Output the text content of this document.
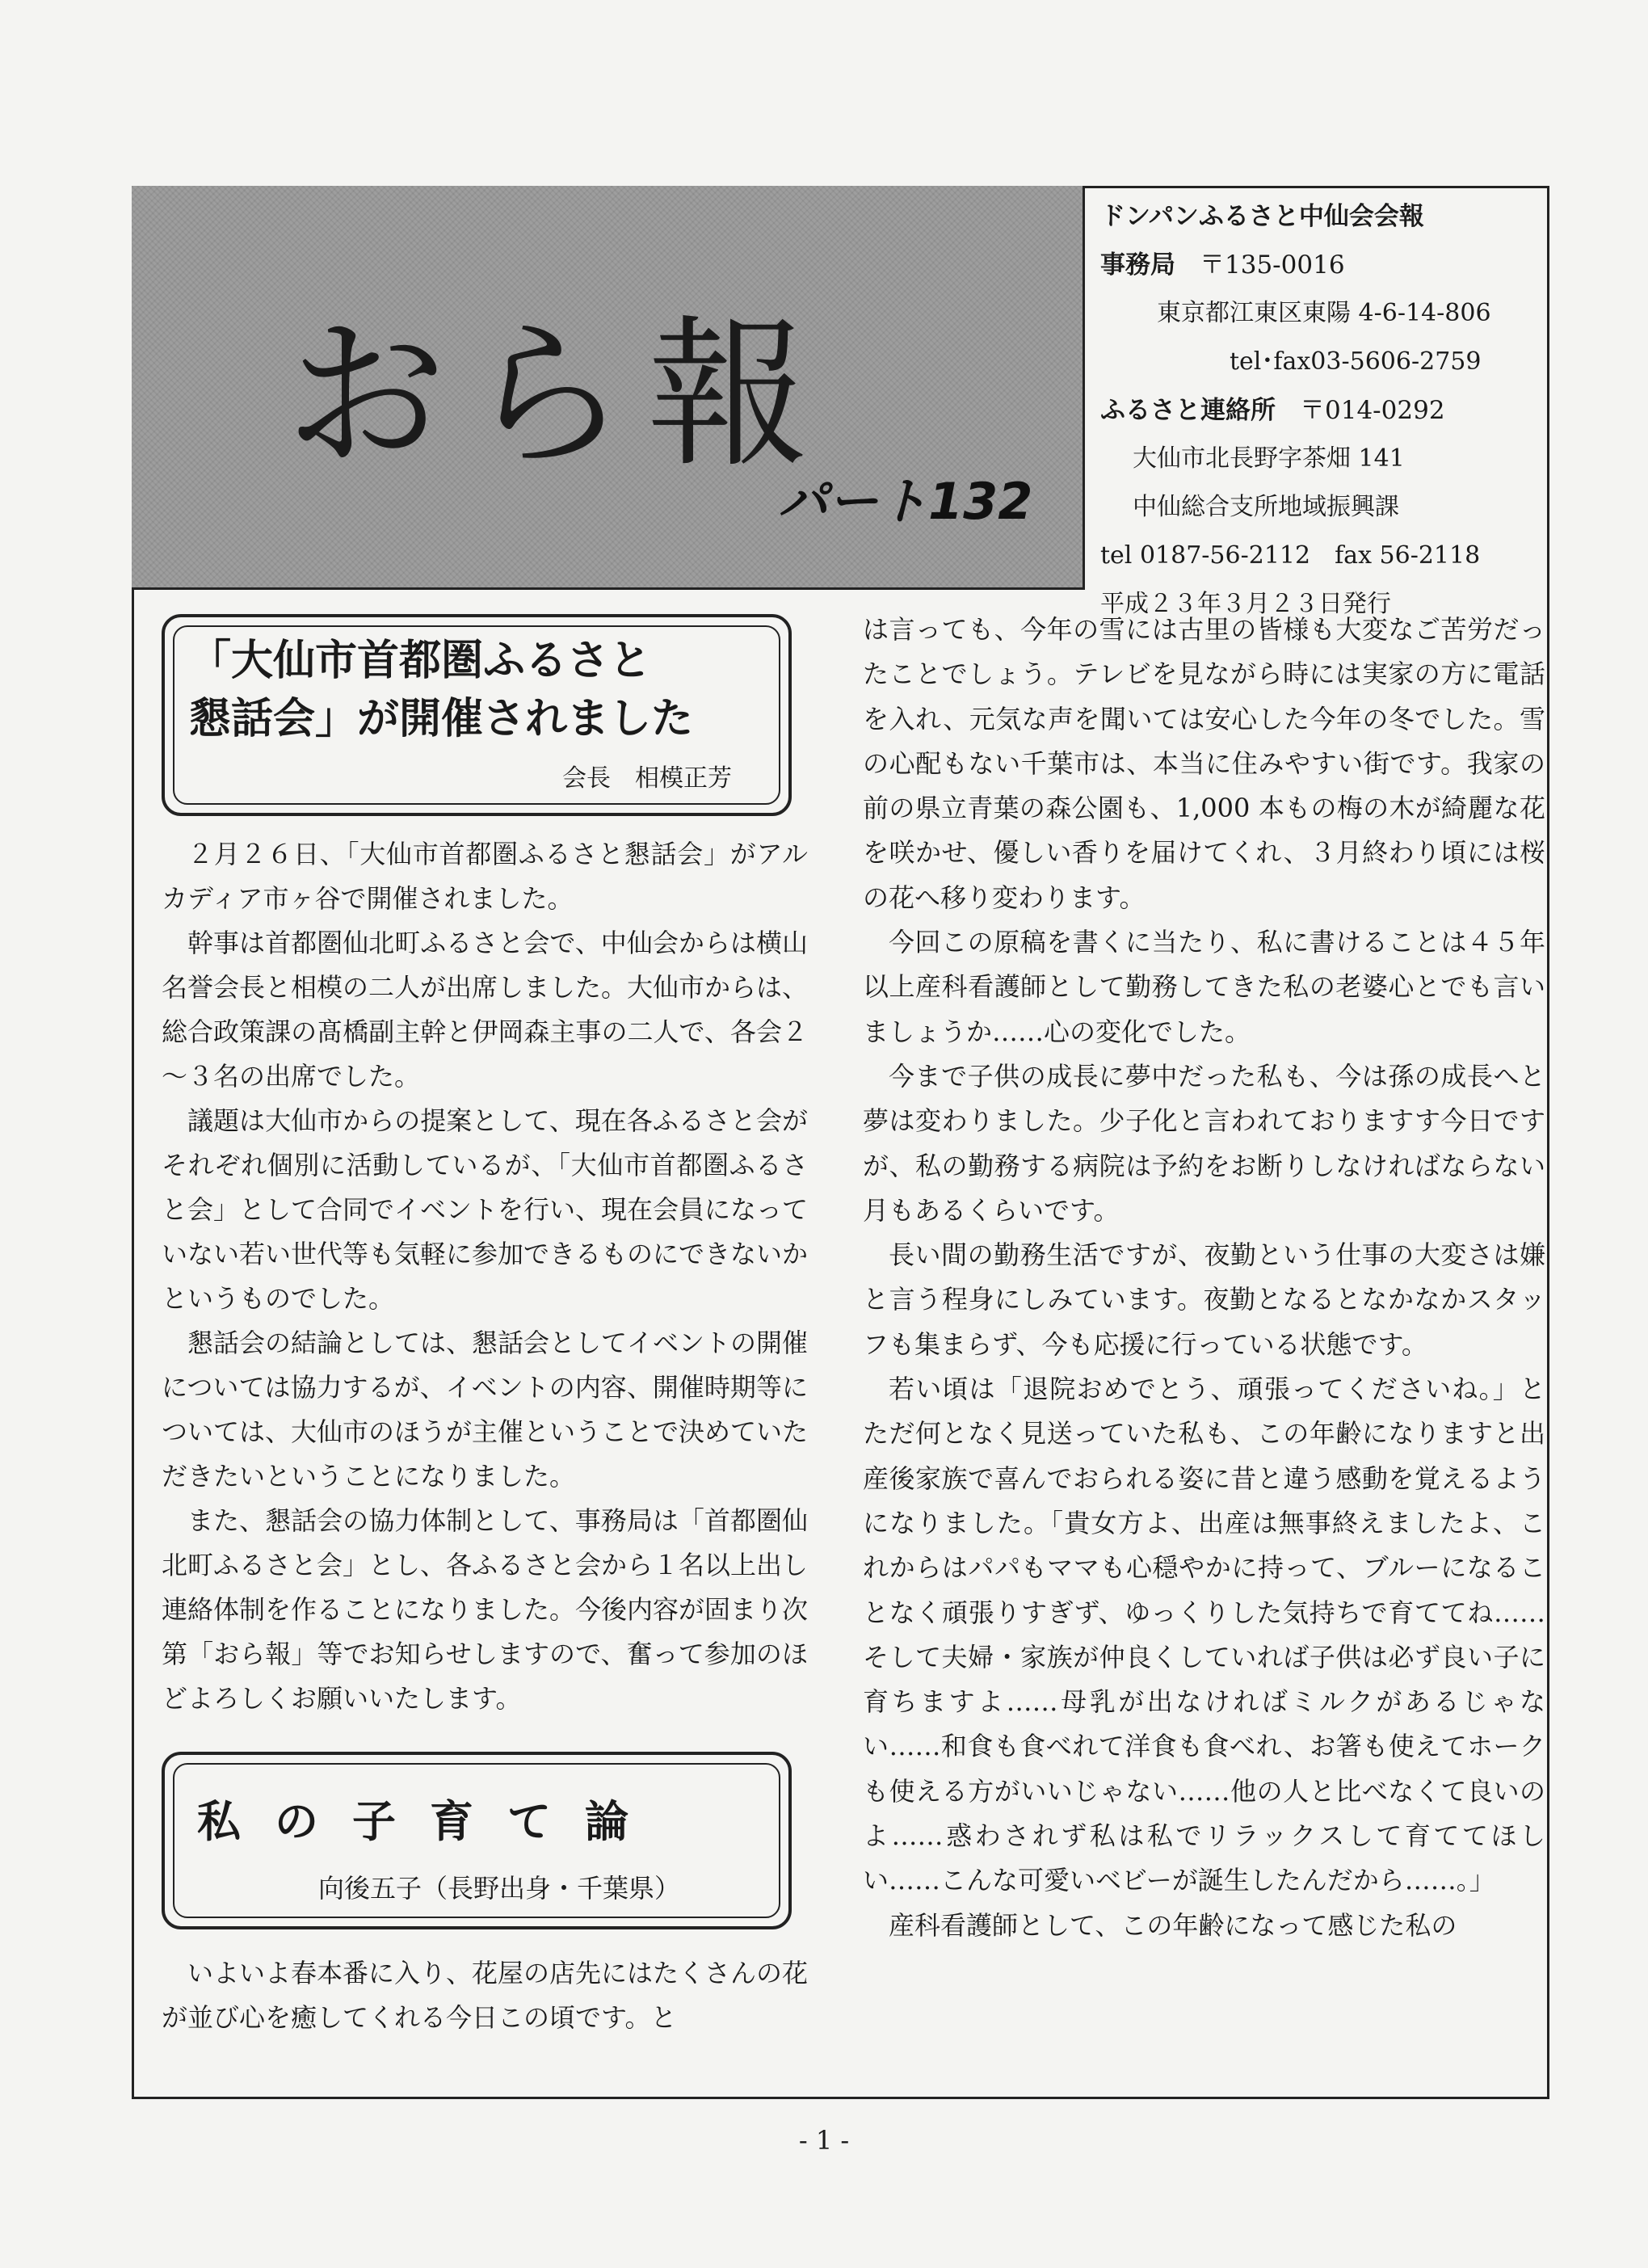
おら報
パート132
ドンパンふるさと中仙会会報
事務局 〒135-0016
東京都江東区東陽 4-6-14-806
tel･fax03-5606-2759
ふるさと連絡所 〒014-0292
大仙市北長野字茶畑 141
中仙総合支所地域振興課
tel 0187-56-2112　fax 56-2118
平成２３年３月２３日発行
「大仙市首都圏ふるさと
懇話会」が開催されました
会長　相模正芳

２月２６日、「大仙市首都圏ふるさと懇話会」がアルカディア市ヶ谷で開催されました。

幹事は首都圏仙北町ふるさと会で、中仙会からは横山名誉会長と相模の二人が出席しました。大仙市からは、総合政策課の髙橋副主幹と伊岡森主事の二人で、各会２～３名の出席でした。

議題は大仙市からの提案として、現在各ふるさと会がそれぞれ個別に活動しているが、「大仙市首都圏ふるさと会」として合同でイベントを行い、現在会員になっていない若い世代等も気軽に参加できるものにできないかというものでした。

懇話会の結論としては、懇話会としてイベントの開催については協力するが、イベントの内容、開催時期等については、大仙市のほうが主催ということで決めていただきたいということになりました。

また、懇話会の協力体制として、事務局は「首都圏仙北町ふるさと会」とし、各ふるさと会から１名以上出し連絡体制を作ることになりました。今後内容が固まり次第「おら報」等でお知らせしますので、奮って参加のほどよろしくお願いいたします。

私の子育て論
向後五子（長野出身・千葉県）

いよいよ春本番に入り、花屋の店先にはたくさんの花が並び心を癒してくれる今日この頃です。と

は言っても、今年の雪には古里の皆様も大変なご苦労だったことでしょう。テレビを見ながら時には実家の方に電話を入れ、元気な声を聞いては安心した今年の冬でした。雪の心配もない千葉市は、本当に住みやすい街です。我家の前の県立青葉の森公園も、1,000 本もの梅の木が綺麗な花を咲かせ、優しい香りを届けてくれ、３月終わり頃には桜の花へ移り変わります。

今回この原稿を書くに当たり、私に書けることは４５年以上産科看護師として勤務してきた私の老婆心とでも言いましょうか……心の変化でした。

今まで子供の成長に夢中だった私も、今は孫の成長へと夢は変わりました。少子化と言われておりますす今日ですが、私の勤務する病院は予約をお断りしなければならない月もあるくらいです。

長い間の勤務生活ですが、夜勤という仕事の大変さは嫌と言う程身にしみています。夜勤となるとなかなかスタッフも集まらず、今も応援に行っている状態です。

若い頃は「退院おめでとう、頑張ってくださいね。」とただ何となく見送っていた私も、この年齢になりますと出産後家族で喜んでおられる姿に昔と違う感動を覚えるようになりました。「貴女方よ、出産は無事終えましたよ、これからはパパもママも心穏やかに持って、ブルーになることなく頑張りすぎず、ゆっくりした気持ちで育ててね……そして夫婦・家族が仲良くしていれば子供は必ず良い子に育ちますよ……母乳が出なければミルクがあるじゃない……和食も食べれて洋食も食べれ、お箸も使えてホークも使える方がいいじゃない……他の人と比べなくて良いのよ……惑わされず私は私でリラックスして育ててほしい……こんな可愛いベビーが誕生したんだから……。」

産科看護師として、この年齢になって感じた私の

- 1 -
